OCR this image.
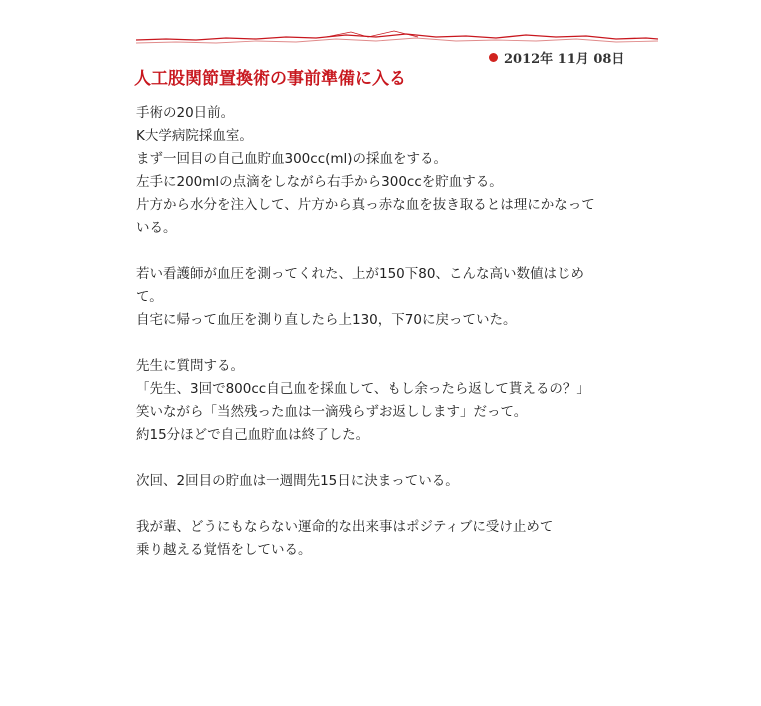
2012年 11月 08日
人工股関節置換術の事前準備に入る

手術の20日前。

K大学病院採血室。

まず一回目の自己血貯血300cc(ml)の採血をする。

左手に200mlの点滴をしながら右手から300ccを貯血する。

片方から水分を注入して、片方から真っ赤な血を抜き取るとは理にかなって

いる。

若い看護師が血圧を測ってくれた、上が150下80、こんな高い数値はじめ

て。

自宅に帰って血圧を測り直したら上130，下70に戻っていた。

先生に質問する。

「先生、3回で800cc自己血を採血して、もし余ったら返して貰えるの？」

笑いながら「当然残った血は一滴残らずお返しします」だって。

約15分ほどで自己血貯血は終了した。

次回、2回目の貯血は一週間先15日に決まっている。

我が輩、どうにもならない運命的な出来事はポジティブに受け止めて

乗り越える覚悟をしている。
